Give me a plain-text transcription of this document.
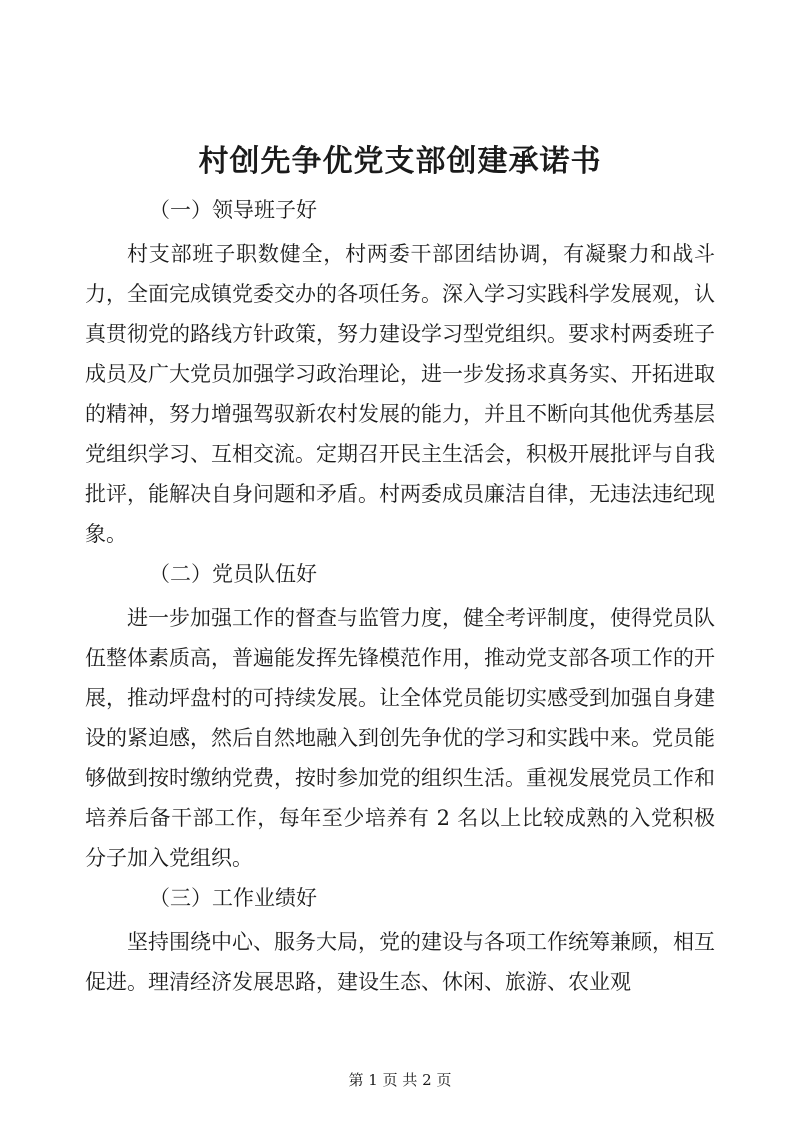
村创先争优党支部创建承诺书
（一）领导班子好

村支部班子职数健全，村两委干部团结协调，有凝聚力和战斗力，全面完成镇党委交办的各项任务。深入学习实践科学发展观，认真贯彻党的路线方针政策，努力建设学习型党组织。要求村两委班子成员及广大党员加强学习政治理论，进一步发扬求真务实、开拓进取的精神，努力增强驾驭新农村发展的能力，并且不断向其他优秀基层党组织学习、互相交流。定期召开民主生活会，积极开展批评与自我批评，能解决自身问题和矛盾。村两委成员廉洁自律，无违法违纪现象。

（二）党员队伍好

进一步加强工作的督查与监管力度，健全考评制度，使得党员队伍整体素质高，普遍能发挥先锋模范作用，推动党支部各项工作的开展，推动坪盘村的可持续发展。让全体党员能切实感受到加强自身建设的紧迫感，然后自然地融入到创先争优的学习和实践中来。党员能够做到按时缴纳党费，按时参加党的组织生活。重视发展党员工作和培养后备干部工作，每年至少培养有 2 名以上比较成熟的入党积极分子加入党组织。

（三）工作业绩好

坚持围绕中心、服务大局，党的建设与各项工作统筹兼顾，相互促进。理清经济发展思路，建设生态、休闲、旅游、农业观

第 1 页 共 2 页
